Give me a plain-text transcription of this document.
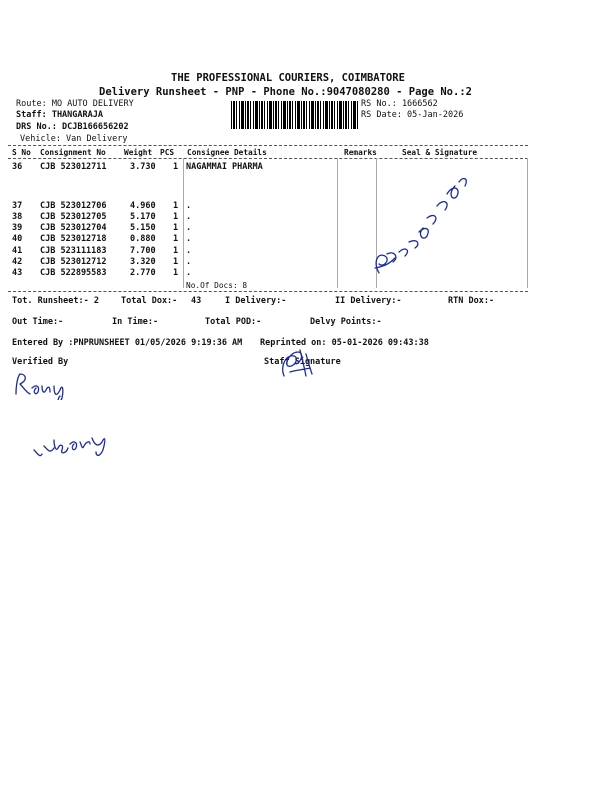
THE PROFESSIONAL COURIERS, COIMBATORE
Delivery Runsheet - PNP - Phone No.:9047080280 - Page No.:2
Route: MO AUTO DELIVERY
Staff: THANGARAJA
DRS No.: DCJB166656202
Vehicle: Van Delivery
RS No.: 1666562
RS Date: 05-Jan-2026
S No Consignment No Weight PCS Consignee Details	Remarks	Seal & Signature
36 CJB 523012711	3.730 1 NAGAMMAI PHARMA
37 CJB 523012706	4.960 1 .
38 CJB 523012705	5.170 1 .
39 CJB 523012704	5.150 1 .
40 CJB 523012718	0.880 1 .
41 CJB 523111183	7.700 1 .
42 CJB 523012712	3.320 1 .
43 CJB 522895583	2.770 1 .
No.Of Docs: 8
Tot. Runsheet:- 2	Total Dox:- 43	I Delivery:-	II Delivery:-	RTN Dox:-
Out Time:-	In Time:-	Total POD:-	Delvy Points:-
Entered By :PNPRUNSHEET 01/05/2026 9:19:36 AM Reprinted on: 05-01-2026 09:43:38
Verified By	Staff Signature
